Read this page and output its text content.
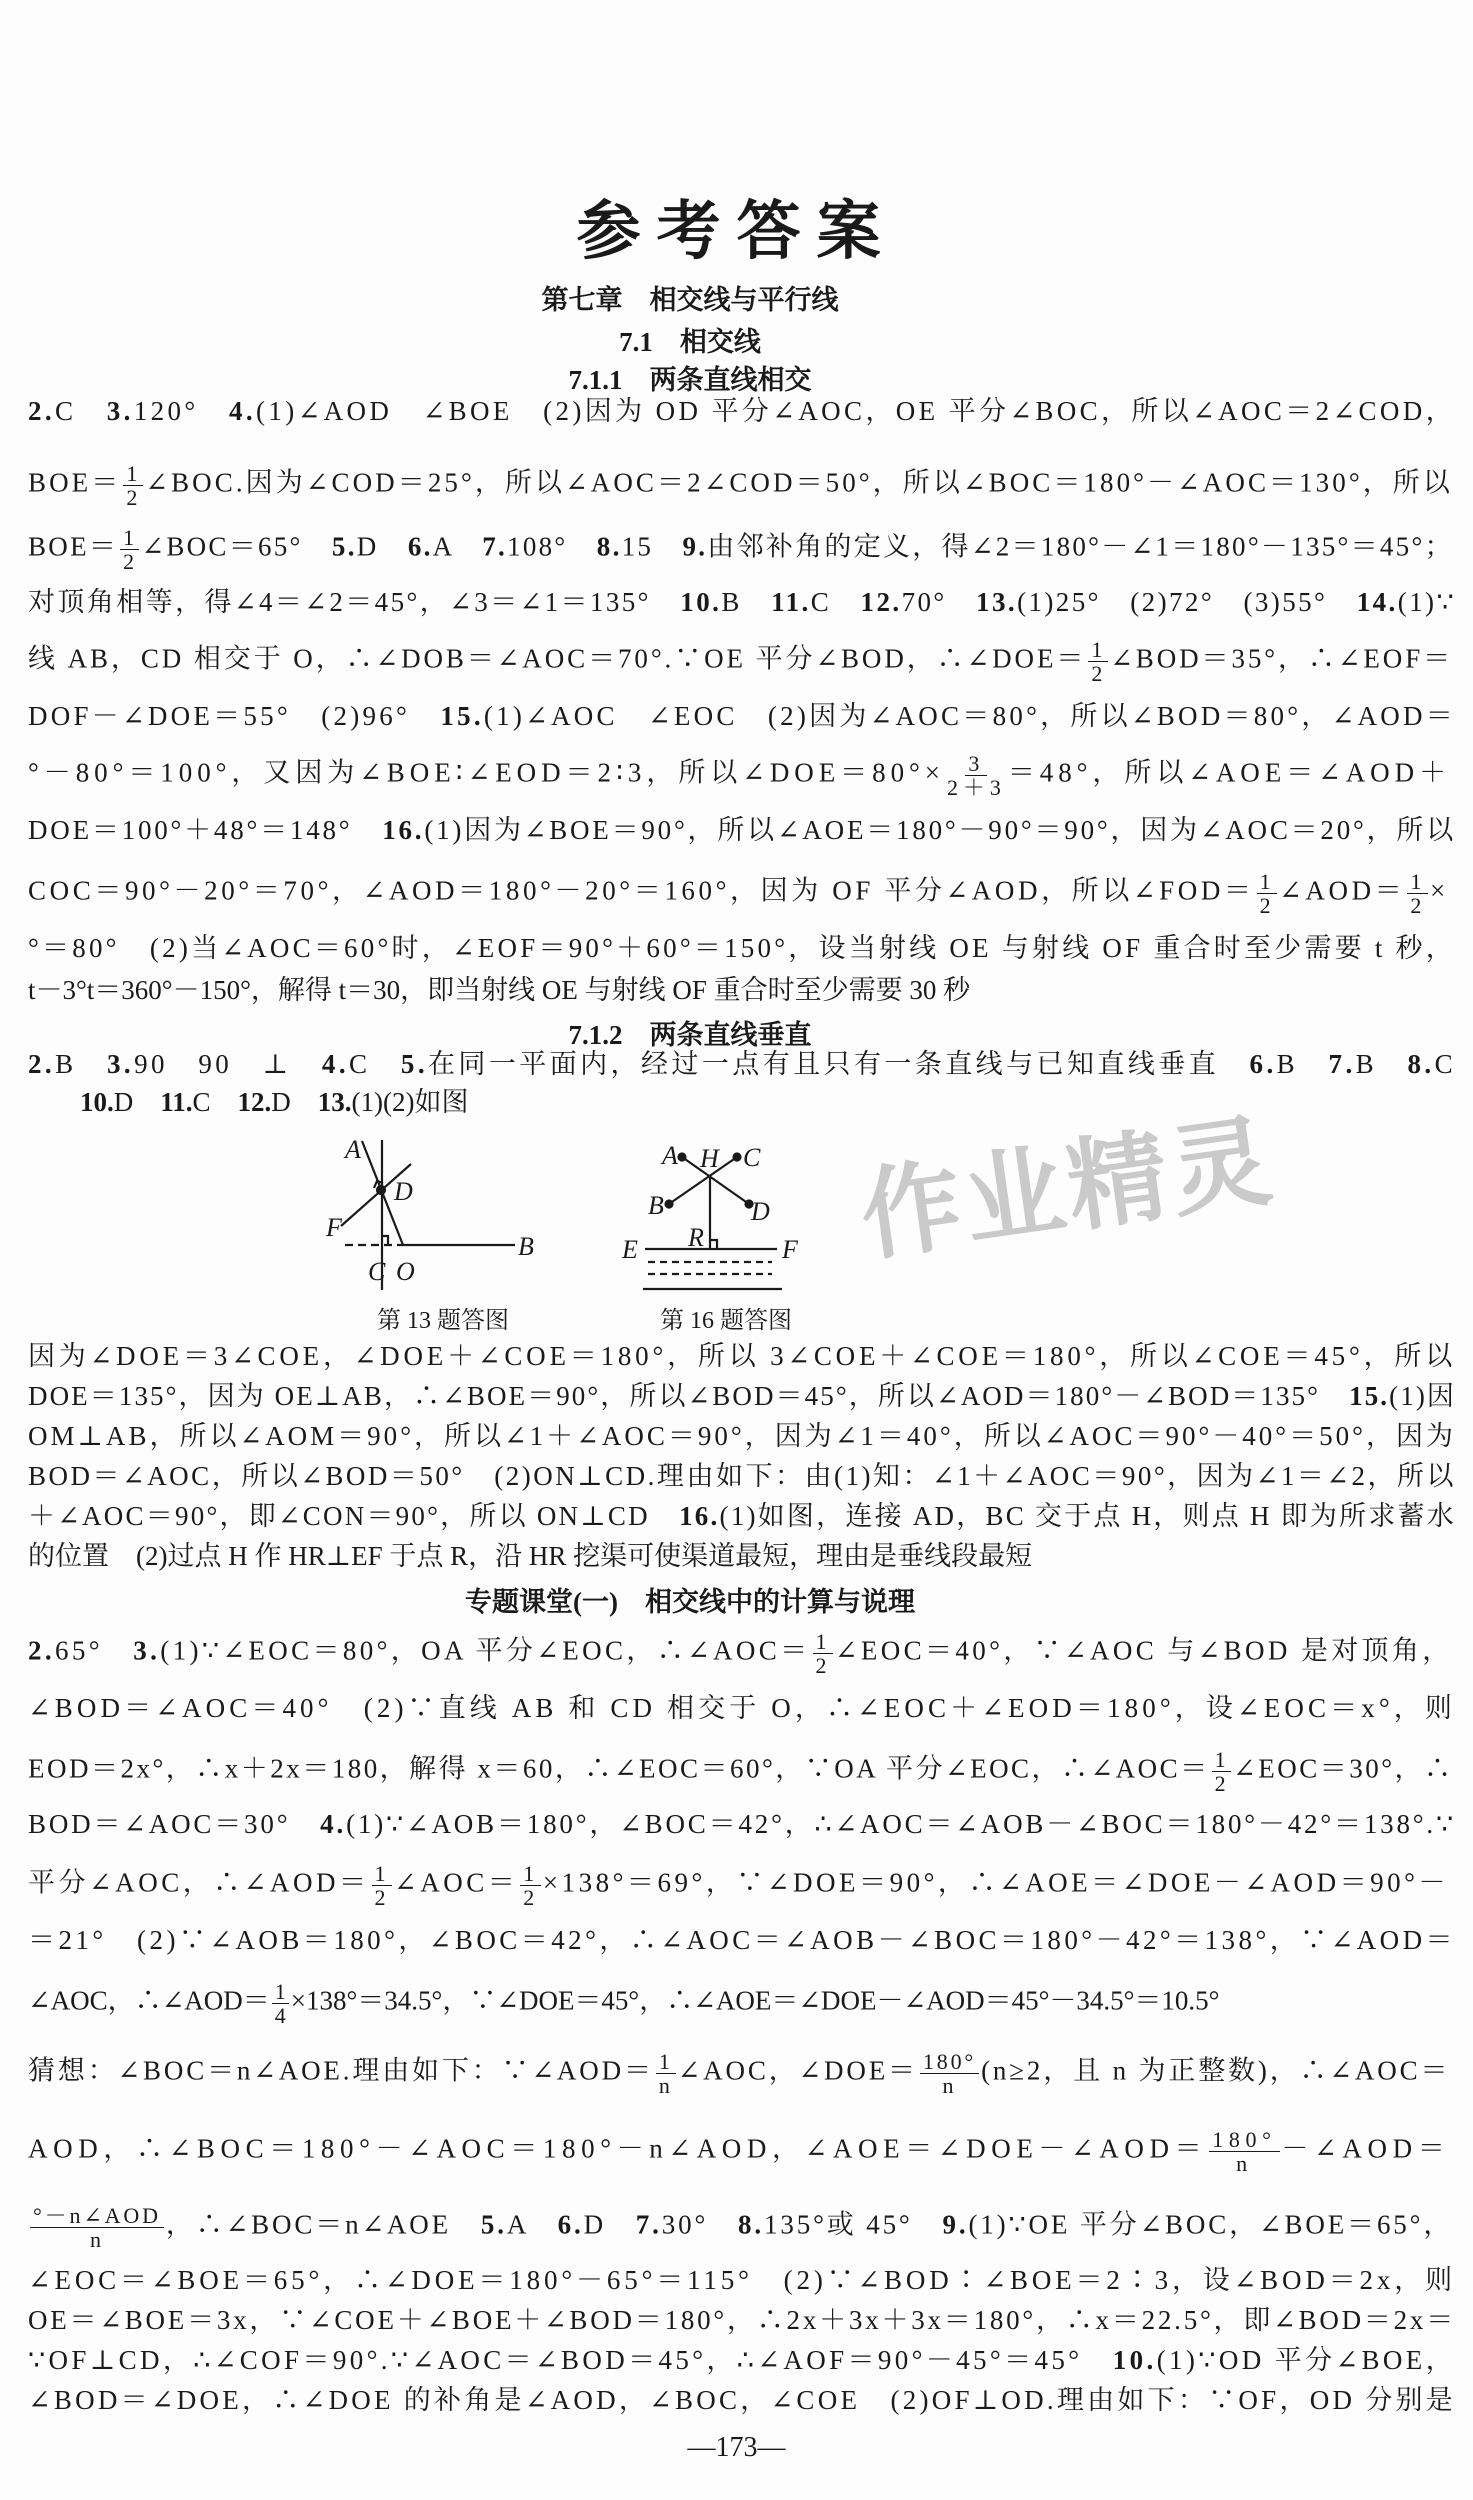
参考答案
第七章　相交线与平行线
7.1　相交线
7.1.1　两条直线相交
7.1.2　两条直线垂直
专题课堂(一)　相交线中的计算与说理
2.C　3.120°　4.(1)∠AOD　∠BOE　(2)因为 OD 平分∠AOC，OE 平分∠BOC，所以∠AOC＝2∠COD，
$BOE= \frac{1}{2}$ ∠BOC.因为∠COD＝25°，所以∠AOC＝2∠COD＝50°，所以∠BOC＝180°－∠AOC＝130°，所以
$BOE= \frac{1}{2}$ ∠BOC＝65°　5.D　6.A　7.108°　8.15　9.由邻补角的定义，得∠2＝180°－∠1＝180°－135°＝45°；
对顶角相等，得∠4＝∠2＝45°，∠3＝∠1＝135°　10.B　11.C　12.70°　13.(1)25°　(2)72°　(3)55°　14.(1)∵
线 AB，CD 相交于 O，∴∠DOB＝∠AOC＝70°.∵OE 平分∠BOD，∴∠DOE＝ $\frac{1}{2}$ ∠BOD＝35°，∴∠EOF＝
DOF－∠DOE＝55°　(2)96°　15.(1)∠AOC　∠EOC　(2)因为∠AOC＝80°，所以∠BOD＝80°，∠AOD＝
°－80°＝100°，又因为∠BOE∶∠EOD＝2∶3，所以∠DOE＝80°× $\frac{3}{2+3} =48^\circ$，所以∠AOE＝∠AOD＋
DOE＝100°＋48°＝148°　16.(1)因为∠BOE＝90°，所以∠AOE＝180°－90°＝90°，因为∠AOC＝20°，所以
COC＝90°－20°＝70°，∠AOD＝180°－20°＝160°，因为 OF 平分∠AOD，所以∠FOD＝ $\frac{1}{2}$ ∠AOD＝ $\frac{1}{2}$ ×
°＝80°　(2)当∠AOC＝60°时，∠EOF＝90°＋60°＝150°，设当射线 OE 与射线 OF 重合时至少需要 t 秒，
t－3°t＝360°－150°，解得 t＝30，即当射线 OE 与射线 OF 重合时至少需要 30 秒
2.B　3.90　90　⊥　4.C　5.在同一平面内，经过一点有且只有一条直线与已知直线垂直　6.B　7.B　8.C
10.D　11.C　12.D　13.(1)(2)如图
因为∠DOE＝3∠COE，∠DOE＋∠COE＝180°，所以 3∠COE＋∠COE＝180°，所以∠COE＝45°，所以
DOE＝135°，因为 OE⊥AB，∴∠BOE＝90°，所以∠BOD＝45°，所以∠AOD＝180°－∠BOD＝135°　15.(1)因
OM⊥AB，所以∠AOM＝90°，所以∠1＋∠AOC＝90°，因为∠1＝40°，所以∠AOC＝90°－40°＝50°，因为
BOD＝∠AOC，所以∠BOD＝50°　(2)ON⊥CD.理由如下：由(1)知：∠1＋∠AOC＝90°，因为∠1＝∠2，所以
＋∠AOC＝90°，即∠CON＝90°，所以 ON⊥CD　16.(1)如图，连接 AD，BC 交于点 H，则点 H 即为所求蓄水
的位置　(2)过点 H 作 HR⊥EF 于点 R，沿 HR 挖渠可使渠道最短，理由是垂线段最短
2.65°　3.(1)∵∠EOC＝80°，OA 平分∠EOC，∴∠AOC＝ $\frac{1}{2}$ ∠EOC＝40°，∵∠AOC 与∠BOD 是对顶角，
∠BOD＝∠AOC＝40°　(2)∵直线 AB 和 CD 相交于 O，∴∠EOC＋∠EOD＝180°，设∠EOC＝x°，则
EOD＝2x°，∴x＋2x＝180，解得 x＝60，∴∠EOC＝60°，∵OA 平分∠EOC，∴∠AOC＝ $\frac{1}{2}$ ∠EOC＝30°，∴
BOD＝∠AOC＝30°　4.(1)∵∠AOB＝180°，∠BOC＝42°，∴∠AOC＝∠AOB－∠BOC＝180°－42°＝138°.∵
平分∠AOC，∴∠AOD＝ $\frac{1}{2}$ ∠AOC＝ $\frac{1}{2} \times 138^\circ=69^\circ$，∵∠DOE＝90°，∴∠AOE＝∠DOE－∠AOD＝90°－
＝21°　(2)∵∠AOB＝180°，∠BOC＝42°，∴∠AOC＝∠AOB－∠BOC＝180°－42°＝138°，∵∠AOD＝
∠AOC，∴∠AOD＝ $\frac{1}{4} \times 138^\circ=34.5^\circ$，∵∠DOE＝45°，∴∠AOE＝∠DOE－∠AOD＝45°－34.5°＝10.5°
猜想：∠BOC＝n∠AOE.理由如下：∵∠AOD＝ $\frac{1}{n}$ ∠AOC，∠DOE＝ $\frac{180^\circ}{n} (n\ge 2$，且 n 为正整数)，∴∠AOC＝
AOD，∴∠BOC＝180°－∠AOC＝180°－n∠AOD，∠AOE＝∠DOE－∠AOD＝ $\frac{180^\circ}{n}$ －∠AOD＝
°－n∠AOD
n ，∴∠BOC＝n∠AOE　5.A　6.D　7.30°　8.135°或 45°　9.(1)∵OE 平分∠BOC，∠BOE＝65°，
∠EOC＝∠BOE＝65°，∴∠DOE＝180°－65°＝115°　(2)∵∠BOD∶∠BOE＝2∶3，设∠BOD＝2x，则
OE＝∠BOE＝3x，∵∠COE＋∠BOE＋∠BOD＝180°，∴2x＋3x＋3x＝180°，∴x＝22.5°，即∠BOD＝2x＝
∵OF⊥CD，∴∠COF＝90°.∵∠AOC＝∠BOD＝45°，∴∠AOF＝90°－45°＝45°　10.(1)∵OD 平分∠BOE，
∠BOD＝∠DOE，∴∠DOE 的补角是∠AOD，∠BOC，∠COE　(2)OF⊥OD.理由如下：∵OF，OD 分别是
A
D
F
C O
B
A H C
B	D
R
E	F
第 13 题答图	第 16 题答图
作业精灵
—173—
